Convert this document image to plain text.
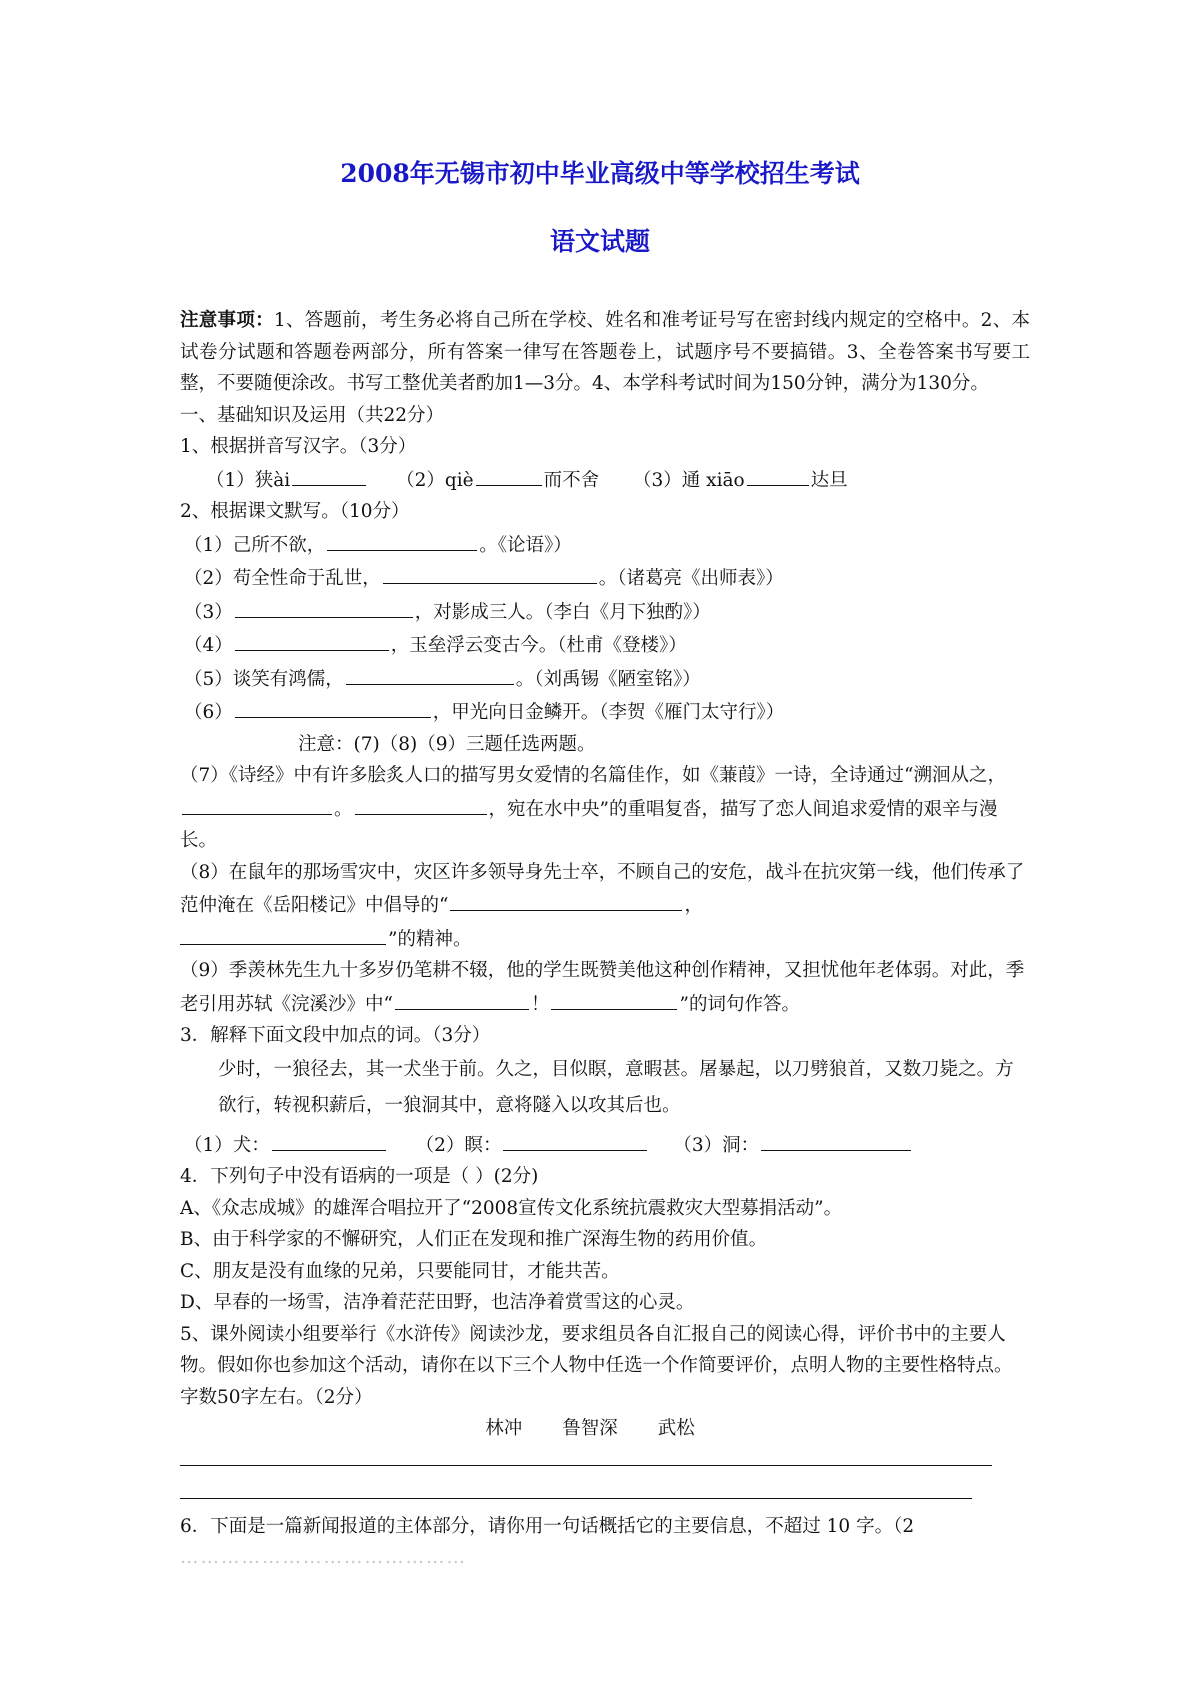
2008年无锡市初中毕业高级中等学校招生考试
语文试题

注意事项：1、答题前，考生务必将自己所在学校、姓名和准考证号写在密封线内规定的空格中。2、本试卷分试题和答题卷两部分，所有答案一律写在答题卷上，试题序号不要搞错。3、全卷答案书写要工整，不要随便涂改。书写工整优美者酌加1—3分。4、本学科考试时间为150分钟，满分为130分。

一、基础知识及运用（共22分）

1、根据拼音写汉字。（3分）

（1）狭ài	（2）qiè	而不舍 （3）通 xiāo	达旦

2、根据课文默写。（10分）

（1）己所不欲，	。《论语》）

（2）苟全性命于乱世，	。（诸葛亮《出师表》）

（3）	，对影成三人。（李白《月下独酌》）

（4）	，玉垒浮云变古今。（杜甫《登楼》）

（5）谈笑有鸿儒，	。（刘禹锡《陋室铭》）

（6）	，甲光向日金鳞开。（李贺《雁门太守行》）

注意：(7)（8)（9）三题任选两题。

（7）《诗经》中有许多脍炙人口的描写男女爱情的名篇佳作，如《蒹葭》一诗，全诗通过“溯洄从之，。	，宛在水中央”的重唱复沓，描写了恋人间追求爱情的艰辛与漫长。

（8）在鼠年的那场雪灾中，灾区许多领导身先士卒，不顾自己的安危，战斗在抗灾第一线，他们传承了范仲淹在《岳阳楼记》中倡导的“	，
”的精神。

（9）季羡林先生九十多岁仍笔耕不辍，他的学生既赞美他这种创作精神，又担忧他年老体弱。对此，季老引用苏轼《浣溪沙》中“	！	”的词句作答。

3．解释下面文段中加点的词。（3分）

少时，一狼径去，其一犬坐于前。久之，目似瞑，意暇甚。屠暴起，以刀劈狼首，又数刀毙之。方欲行，转视积薪后，一狼洞其中，意将隧入以攻其后也。

（1）犬：	（2）瞑：	（3）洞：

4．下列句子中没有语病的一项是（ ）(2分)

A、《众志成城》的雄浑合唱拉开了“2008宣传文化系统抗震救灾大型募捐活动”。

B、由于科学家的不懈研究，人们正在发现和推广深海生物的药用价值。

C、朋友是没有血缘的兄弟，只要能同甘，才能共苦。

D、早春的一场雪，洁净着茫茫田野，也洁净着赏雪这的心灵。

5、课外阅读小组要举行《水浒传》阅读沙龙，要求组员各自汇报自己的阅读心得，评价书中的主要人物。假如你也参加这个活动，请你在以下三个人物中任选一个作简要评价，点明人物的主要性格特点。字数50字左右。（2分）

林冲 鲁智深 武松

6．下面是一篇新闻报道的主体部分，请你用一句话概括它的主要信息，不超过 10 字。（2

……………………………………
